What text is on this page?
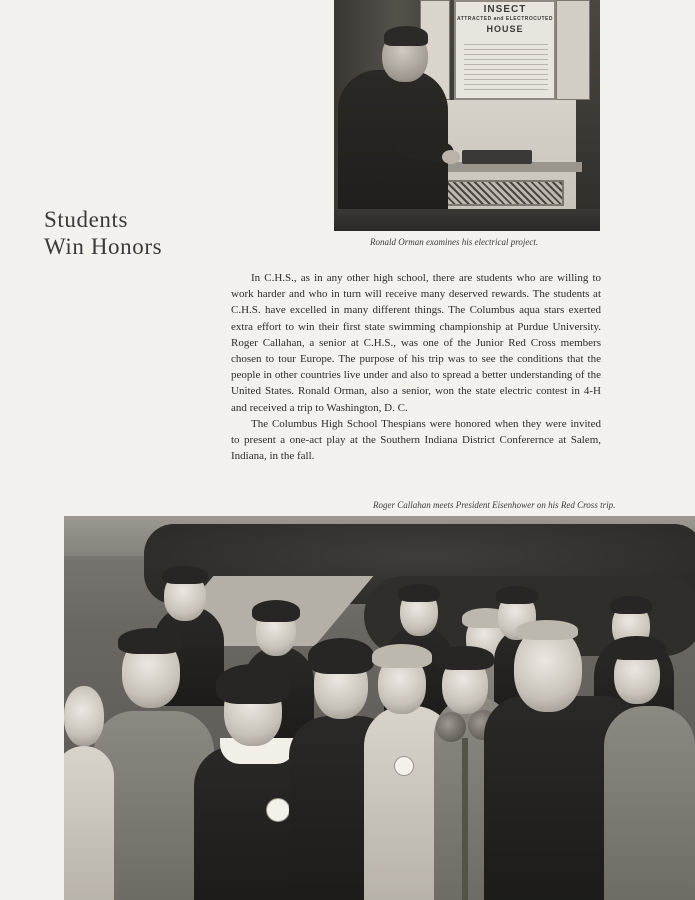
INSECT
ATTRACTED and ELECTROCUTED
HOUSE
Ronald Orman examines his electrical project.
Students
Win Honors

In C.H.S., as in any other high school, there are students who are willing to work harder and who in turn will receive many deserved rewards. The students at C.H.S. have excelled in many different things. The Columbus aqua stars exerted extra effort to win their first state swimming championship at Purdue University. Roger Callahan, a senior at C.H.S., was one of the Junior Red Cross members chosen to tour Europe. The purpose of his trip was to see the conditions that the people in other countries live under and also to spread a better understanding of the United States. Ronald Orman, also a senior, won the state electric contest in 4-H and received a trip to Washington, D. C.

The Columbus High School Thespians were honored when they were invited to present a one-act play at the Southern Indiana District Conferernce at Salem, Indiana, in the fall.

Roger Callahan meets President Eisenhower on his Red Cross trip.
